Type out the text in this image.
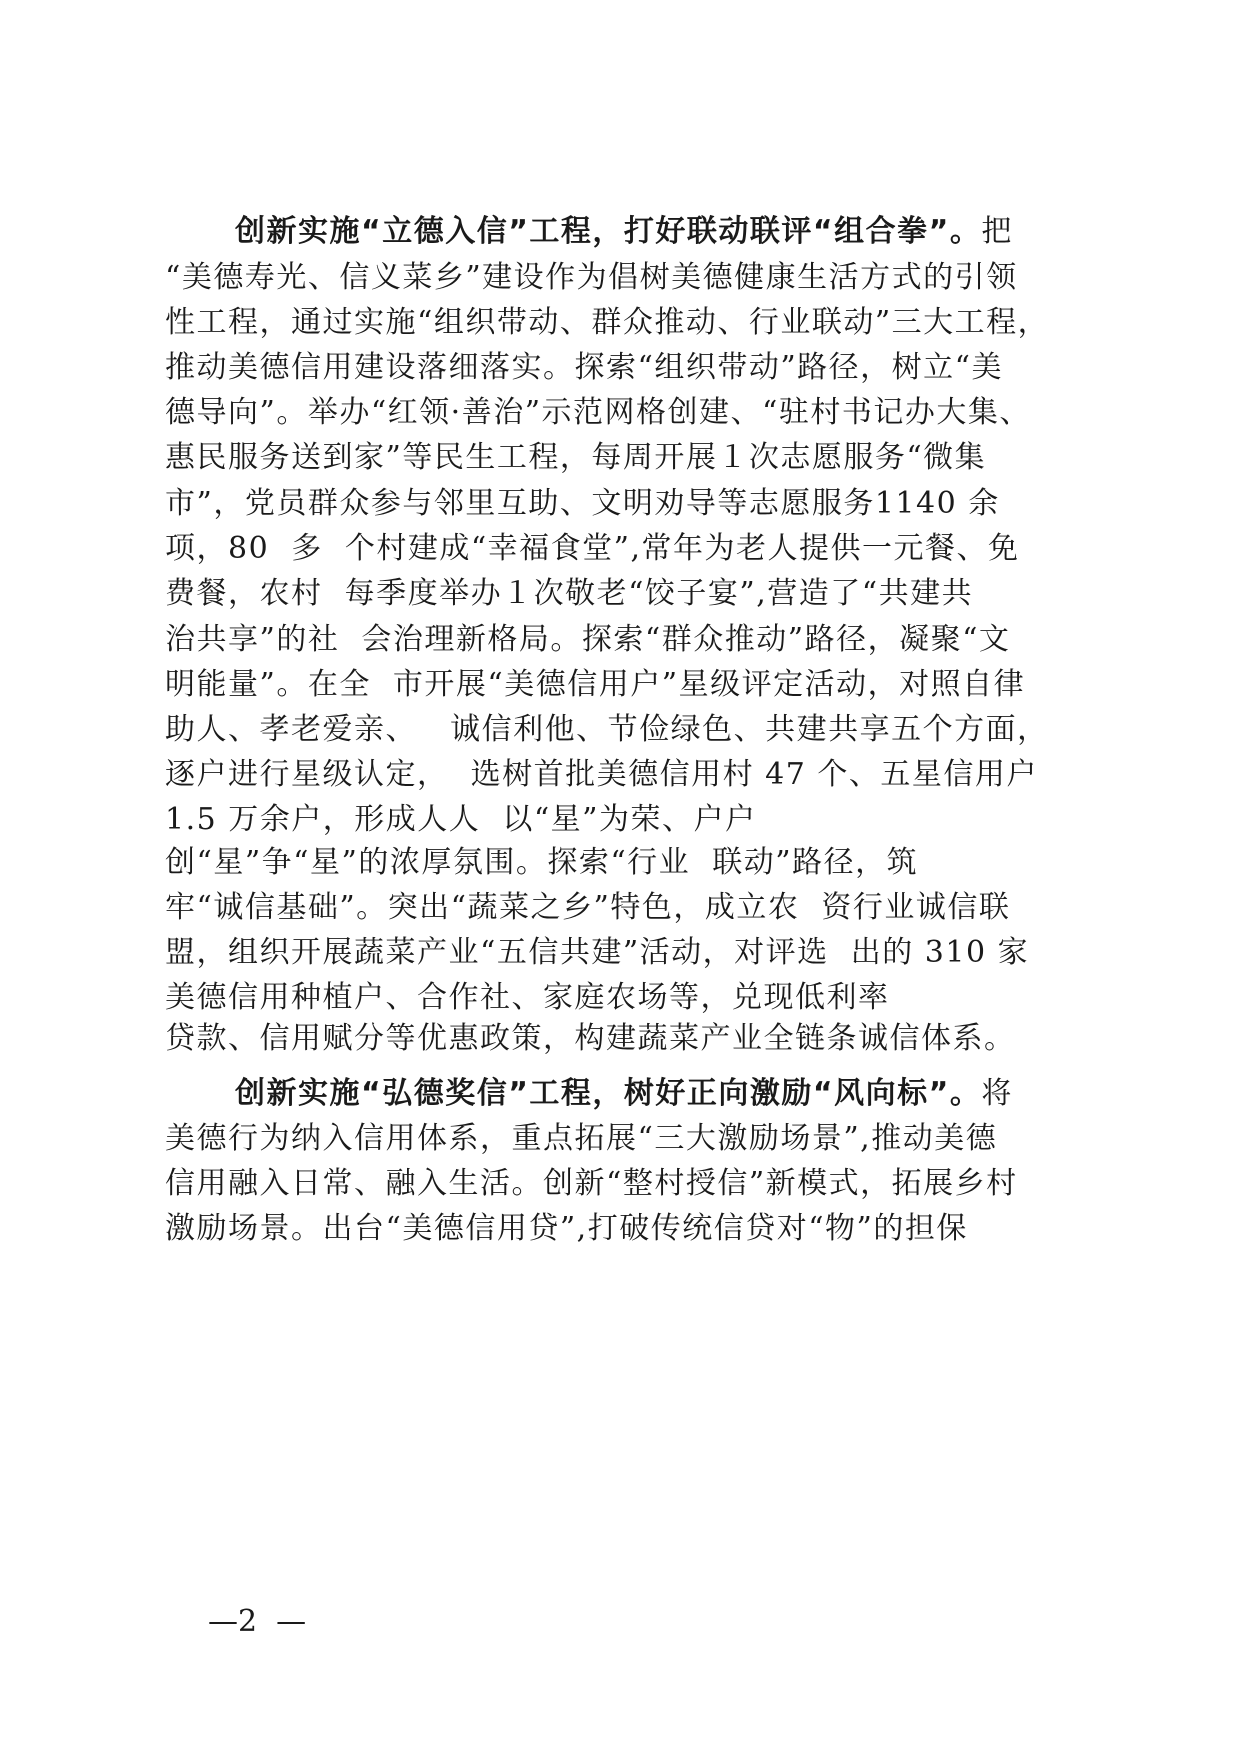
创新实施“立德入信”工程，打好联动联评“组合拳”。把
“美德寿光、信义菜乡”建设作为倡树美德健康生活方式的引领
性工程，通过实施“组织带动、群众推动、行业联动”三大工程，
推动美德信用建设落细落实。探索“组织带动”路径，树立“美
德导向”。举办“红领·善治”示范网格创建、“驻村书记办大集、
惠民服务送到家”等民生工程，每周开展１次志愿服务“微集
市”，党员群众参与邻里互助、文明劝导等志愿服务1140 余
项，80  多  个村建成“幸福食堂”,常年为老人提供一元餐、免
费餐，农村  每季度举办１次敬老“饺子宴”,营造了“共建共
治共享”的社  会治理新格局。探索“群众推动”路径，凝聚“文
明能量”。在全  市开展“美德信用户”星级评定活动，对照自律
助人、孝老爱亲、   诚信利他、节俭绿色、共建共享五个方面，
逐户进行星级认定，  选树首批美德信用村 47 个、五星信用户
1.5 万余户，形成人人  以“星”为荣、户户
创“星”争“星”的浓厚氛围。探索“行业  联动”路径，筑
牢“诚信基础”。突出“蔬菜之乡”特色，成立农  资行业诚信联
盟，组织开展蔬菜产业“五信共建”活动，对评选  出的 310 家
美德信用种植户、合作社、家庭农场等，兑现低利率
贷款、信用赋分等优惠政策，构建蔬菜产业全链条诚信体系。
创新实施“弘德奖信”工程，树好正向激励“风向标”。将
美德行为纳入信用体系，重点拓展“三大激励场景”,推动美德
信用融入日常、融入生活。创新“整村授信”新模式，拓展乡村
激励场景。出台“美德信用贷”,打破传统信贷对“物”的担保
—2  —
